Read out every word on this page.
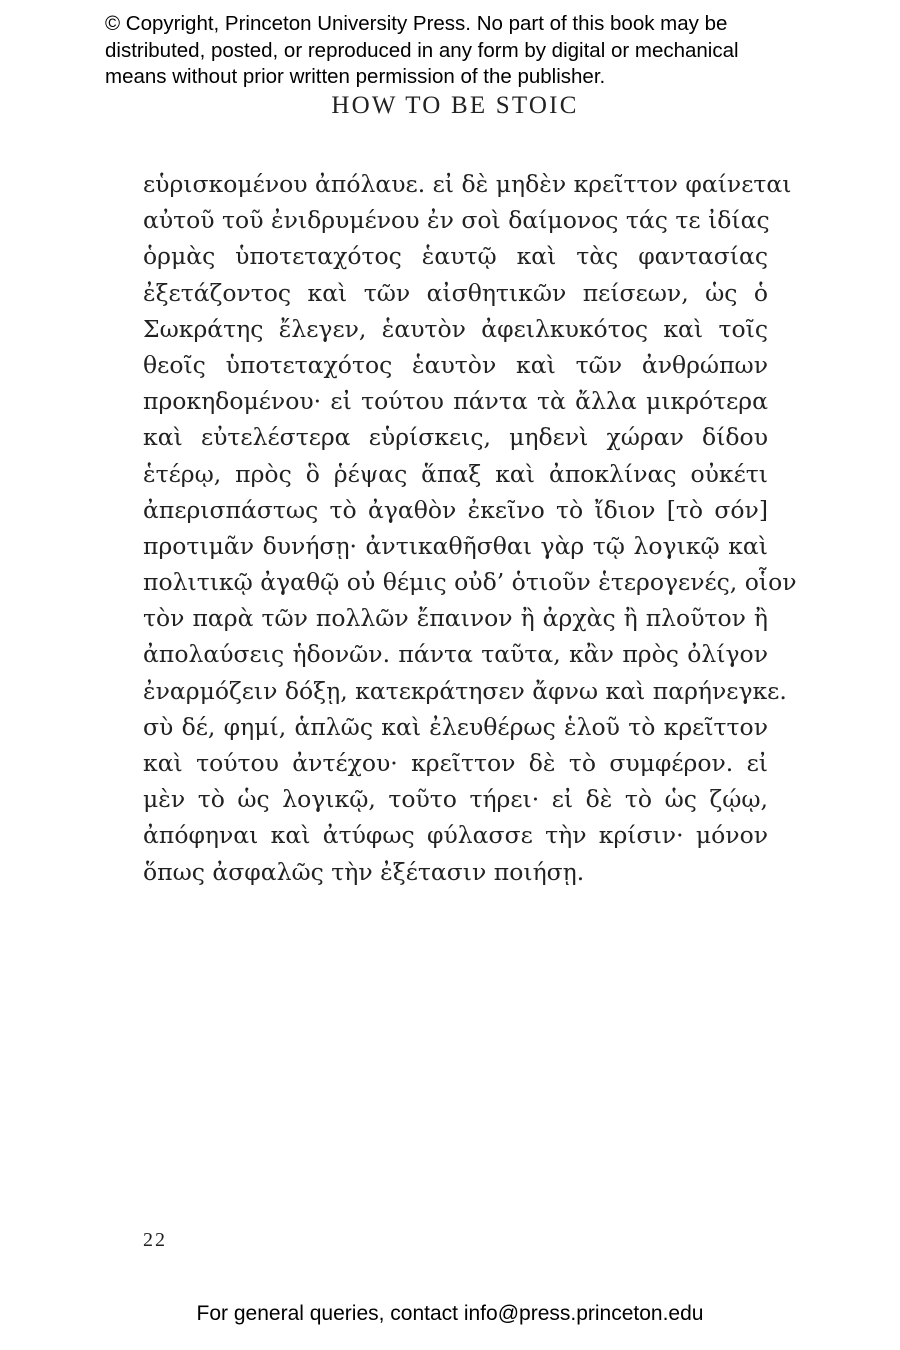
© Copyright, Princeton University Press. No part of this book may be
distributed, posted, or reproduced in any form by digital or mechanical
means without prior written permission of the publisher.
HOW TO BE STOIC
εὑρισκομένου ἀπόλαυε. εἰ δὲ μηδὲν κρεῖττον φαίνεται
αὐτοῦ τοῦ ἐνιδρυμένου ἐν σοὶ δαίμονος τάς τε ἰδίας
ὁρμὰς ὑποτεταχότος ἑαυτῷ καὶ τὰς φαντασίας
ἐξετάζοντος καὶ τῶν αἰσθητικῶν πείσεων, ὡς ὁ
Σωκράτης ἔλεγεν, ἑαυτὸν ἀφειλκυκότος καὶ τοῖς
θεοῖς ὑποτεταχότος ἑαυτὸν καὶ τῶν ἀνθρώπων
προκηδομένου· εἰ τούτου πάντα τὰ ἄλλα μικρότερα
καὶ εὐτελέστερα εὑρίσκεις, μηδενὶ χώραν δίδου
ἑτέρῳ, πρὸς ὃ ῥέψας ἅπαξ καὶ ἀποκλίνας οὐκέτι
ἀπερισπάστως τὸ ἀγαθὸν ἐκεῖνο τὸ ἴδιον [τὸ σόν]
προτιμᾶν δυνήσῃ· ἀντικαθῆσθαι γὰρ τῷ λογικῷ καὶ
πολιτικῷ ἀγαθῷ οὐ θέμις οὐδ’ ὁτιοῦν ἑτερογενές, οἷον
τὸν παρὰ τῶν πολλῶν ἔπαινον ἢ ἀρχὰς ἢ πλοῦτον ἢ
ἀπολαύσεις ἡδονῶν. πάντα ταῦτα, κἂν πρὸς ὀλίγον
ἐναρμόζειν δόξῃ, κατεκράτησεν ἄφνω καὶ παρήνεγκε.
σὺ δέ, φημί, ἁπλῶς καὶ ἐλευθέρως ἑλοῦ τὸ κρεῖττον
καὶ τούτου ἀντέχου· κρεῖττον δὲ τὸ συμφέρον. εἰ
μὲν τὸ ὡς λογικῷ, τοῦτο τήρει· εἰ δὲ τὸ ὡς ζῴῳ,
ἀπόφηναι καὶ ἀτύφως φύλασσε τὴν κρίσιν· μόνον
ὅπως ἀσφαλῶς τὴν ἐξέτασιν ποιήσῃ.
22
For general queries, contact info@press.princeton.edu
